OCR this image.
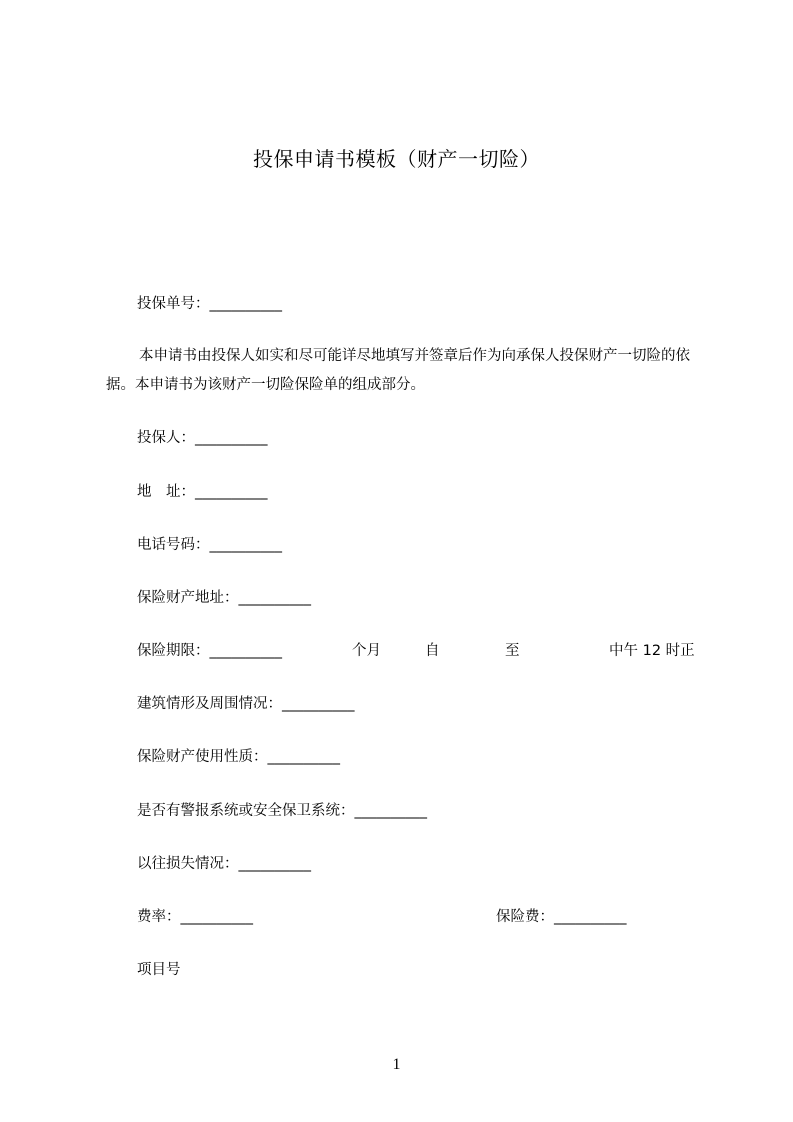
投保申请书模板（财产一切险）
投保单号：__________
本申请书由投保人如实和尽可能详尽地填写并签章后作为向承保人投保财产一切险的依据。本申请书为该财产一切险保险单的组成部分。
投保人：__________
地　址：__________
电话号码：__________
保险财产地址：__________
保险期限：__________	个月	自	至	中午 12 时正
建筑情形及周围情况：__________
保险财产使用性质：__________
是否有警报系统或安全保卫系统：__________
以往损失情况：__________
费率：__________	保险费：__________
项目号
1
